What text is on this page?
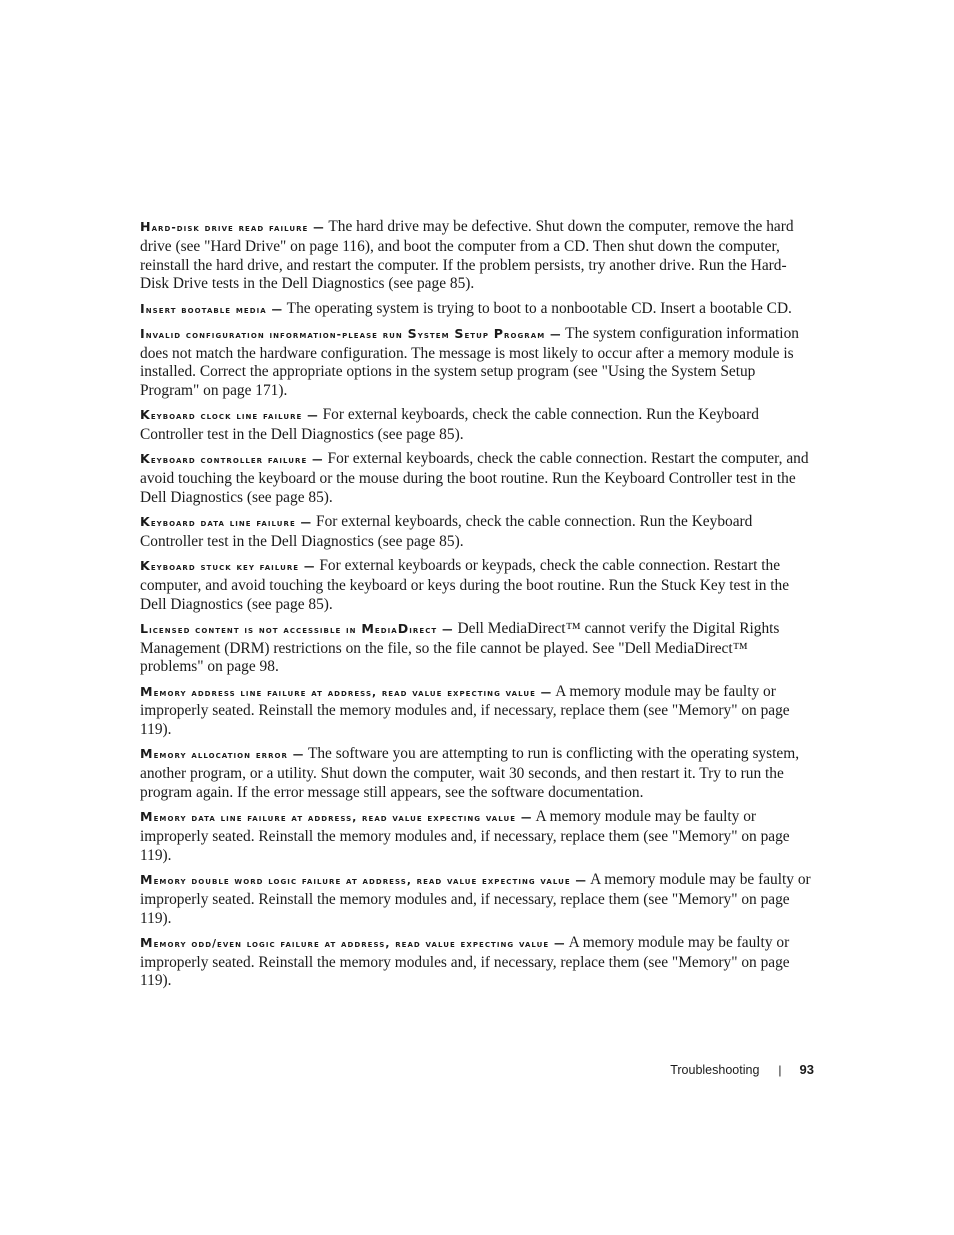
Hard-disk drive read failure — The hard drive may be defective. Shut down the computer, remove the hard drive (see "Hard Drive" on page 116), and boot the computer from a CD. Then shut down the computer, reinstall the hard drive, and restart the computer. If the problem persists, try another drive. Run the Hard-Disk Drive tests in the Dell Diagnostics (see page 85).

Insert bootable media — The operating system is trying to boot to a nonbootable CD. Insert a bootable CD.

Invalid configuration information-please run System Setup Program — The system configuration information does not match the hardware configuration. The message is most likely to occur after a memory module is installed. Correct the appropriate options in the system setup program (see "Using the System Setup Program" on page 171).

Keyboard clock line failure — For external keyboards, check the cable connection. Run the Keyboard Controller test in the Dell Diagnostics (see page 85).

Keyboard controller failure — For external keyboards, check the cable connection. Restart the computer, and avoid touching the keyboard or the mouse during the boot routine. Run the Keyboard Controller test in the Dell Diagnostics (see page 85).

Keyboard data line failure — For external keyboards, check the cable connection. Run the Keyboard Controller test in the Dell Diagnostics (see page 85).

Keyboard stuck key failure — For external keyboards or keypads, check the cable connection. Restart the computer, and avoid touching the keyboard or keys during the boot routine. Run the Stuck Key test in the Dell Diagnostics (see page 85).

Licensed content is not accessible in MediaDirect — Dell MediaDirect™ cannot verify the Digital Rights Management (DRM) restrictions on the file, so the file cannot be played. See "Dell MediaDirect™ problems" on page 98.

Memory address line failure at address, read value expecting value — A memory module may be faulty or improperly seated. Reinstall the memory modules and, if necessary, replace them (see "Memory" on page 119).

Memory allocation error — The software you are attempting to run is conflicting with the operating system, another program, or a utility. Shut down the computer, wait 30 seconds, and then restart it. Try to run the program again. If the error message still appears, see the software documentation.

Memory data line failure at address, read value expecting value — A memory module may be faulty or improperly seated. Reinstall the memory modules and, if necessary, replace them (see "Memory" on page 119).

Memory double word logic failure at address, read value expecting value — A memory module may be faulty or improperly seated. Reinstall the memory modules and, if necessary, replace them (see "Memory" on page 119).

Memory odd/even logic failure at address, read value expecting value — A memory module may be faulty or improperly seated. Reinstall the memory modules and, if necessary, replace them (see "Memory" on page 119).

Troubleshooting | 93
